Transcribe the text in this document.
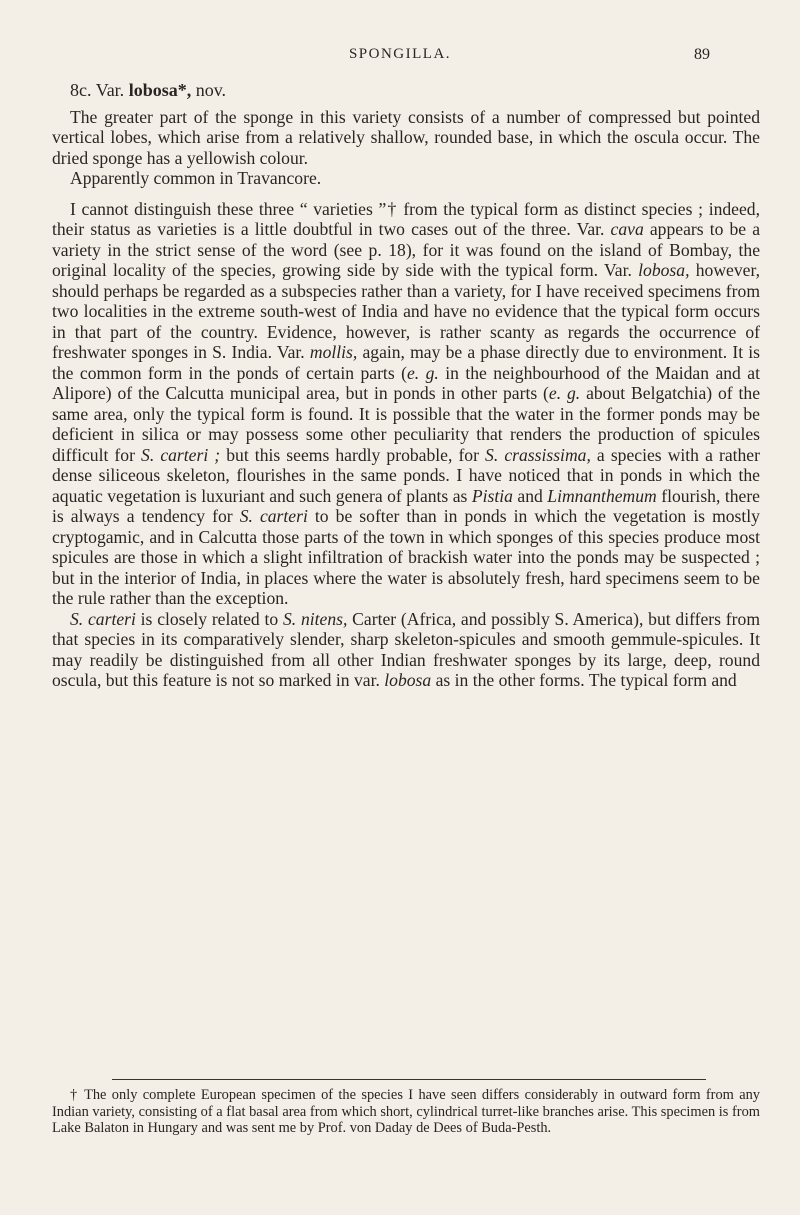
SPONGILLA.	89
8c. Var. lobosa*, nov.

The greater part of the sponge in this variety consists of a number of compressed but pointed vertical lobes, which arise from a relatively shallow, rounded base, in which the oscula occur. The dried sponge has a yellowish colour.

Apparently common in Travancore.

I cannot distinguish these three “ varieties ”† from the typical form as distinct species ; indeed, their status as varieties is a little doubtful in two cases out of the three. Var. cava appears to be a variety in the strict sense of the word (see p. 18), for it was found on the island of Bombay, the original locality of the species, growing side by side with the typical form. Var. lobosa, however, should perhaps be regarded as a subspecies rather than a variety, for I have received specimens from two localities in the extreme south-west of India and have no evidence that the typical form occurs in that part of the country. Evidence, however, is rather scanty as regards the occurrence of freshwater sponges in S. India. Var. mollis, again, may be a phase directly due to environment. It is the common form in the ponds of certain parts (e. g. in the neighbourhood of the Maidan and at Alipore) of the Calcutta municipal area, but in ponds in other parts (e. g. about Belgatchia) of the same area, only the typical form is found. It is possible that the water in the former ponds may be deficient in silica or may possess some other peculiarity that renders the production of spicules difficult for S. carteri ; but this seems hardly probable, for S. crassissima, a species with a rather dense siliceous skeleton, flourishes in the same ponds. I have noticed that in ponds in which the aquatic vegetation is luxuriant and such genera of plants as Pistia and Limnanthemum flourish, there is always a tendency for S. carteri to be softer than in ponds in which the vegetation is mostly cryptogamic, and in Calcutta those parts of the town in which sponges of this species produce most spicules are those in which a slight infiltration of brackish water into the ponds may be suspected ; but in the interior of India, in places where the water is absolutely fresh, hard specimens seem to be the rule rather than the exception.

S. carteri is closely related to S. nitens, Carter (Africa, and possibly S. America), but differs from that species in its comparatively slender, sharp skeleton-spicules and smooth gemmule-spicules. It may readily be distinguished from all other Indian freshwater sponges by its large, deep, round oscula, but this feature is not so marked in var. lobosa as in the other forms. The typical form and

† The only complete European specimen of the species I have seen differs considerably in outward form from any Indian variety, consisting of a flat basal area from which short, cylindrical turret-like branches arise. This specimen is from Lake Balaton in Hungary and was sent me by Prof. von Daday de Dees of Buda-Pesth.
